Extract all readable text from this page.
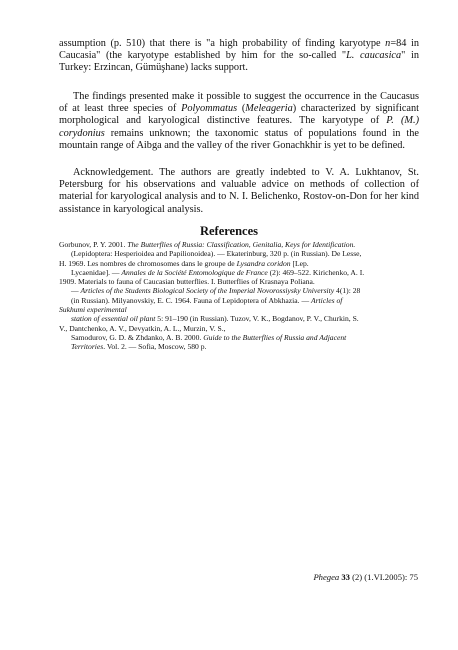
assumption (p. 510) that there is "a high probability of finding karyotype n=84 in Caucasia" (the karyotype established by him for the so-called "L. caucasica" in Turkey: Erzincan, Gümüşhane) lacks support.

The findings presented make it possible to suggest the occurrence in the Caucasus of at least three species of Polyommatus (Meleageria) characterized by significant morphological and karyological distinctive features. The karyotype of P. (M.) corydonius remains unknown; the taxonomic status of populations found in the mountain range of Aibga and the valley of the river Gonachkhir is yet to be defined.

Acknowledgement. The authors are greatly indebted to V. A. Lukhtanov, St. Petersburg for his observations and valuable advice on methods of collection of material for karyological analysis and to N. I. Belichenko, Rostov-on-Don for her kind assistance in karyological analysis.

References
Gorbunov, P. Y. 2001. The Butterflies of Russia: Classification, Genitalia, Keys for Identification.
(Lepidoptera: Hesperioidea and Papilionoidea). — Ekaterinburg, 320 p. (in Russian). De Lesse,
H. 1969. Les nombres de chromosomes dans le groupe de Lysandra coridon [Lep.
Lycaenidae]. — Annales de la Société Entomologique de France (2): 469–522. Kirichenko, A. I.
1909. Materials to fauna of Caucasian butterflies. I. Butterflies of Krasnaya Poliana.
— Articles of the Students Biological Society of the Imperial Novorossiysky University 4(1): 28
(in Russian). Milyanovskiy, E. C. 1964. Fauna of Lepidoptera of Abkhazia. — Articles of
Sukhumi experimental
station of essential oil plant 5: 91–190 (in Russian). Tuzov, V. K., Bogdanov, P. V., Churkin, S.
V., Dantchenko, A. V., Devyatkin, A. L., Murzin, V. S.,
Samodurov, G. D. & Zhdanko, A. B. 2000. Guide to the Butterflies of Russia and Adjacent
Territories. Vol. 2. — Sofia, Moscow, 580 p.
Phegea 33 (2) (1.VI.2005): 75
